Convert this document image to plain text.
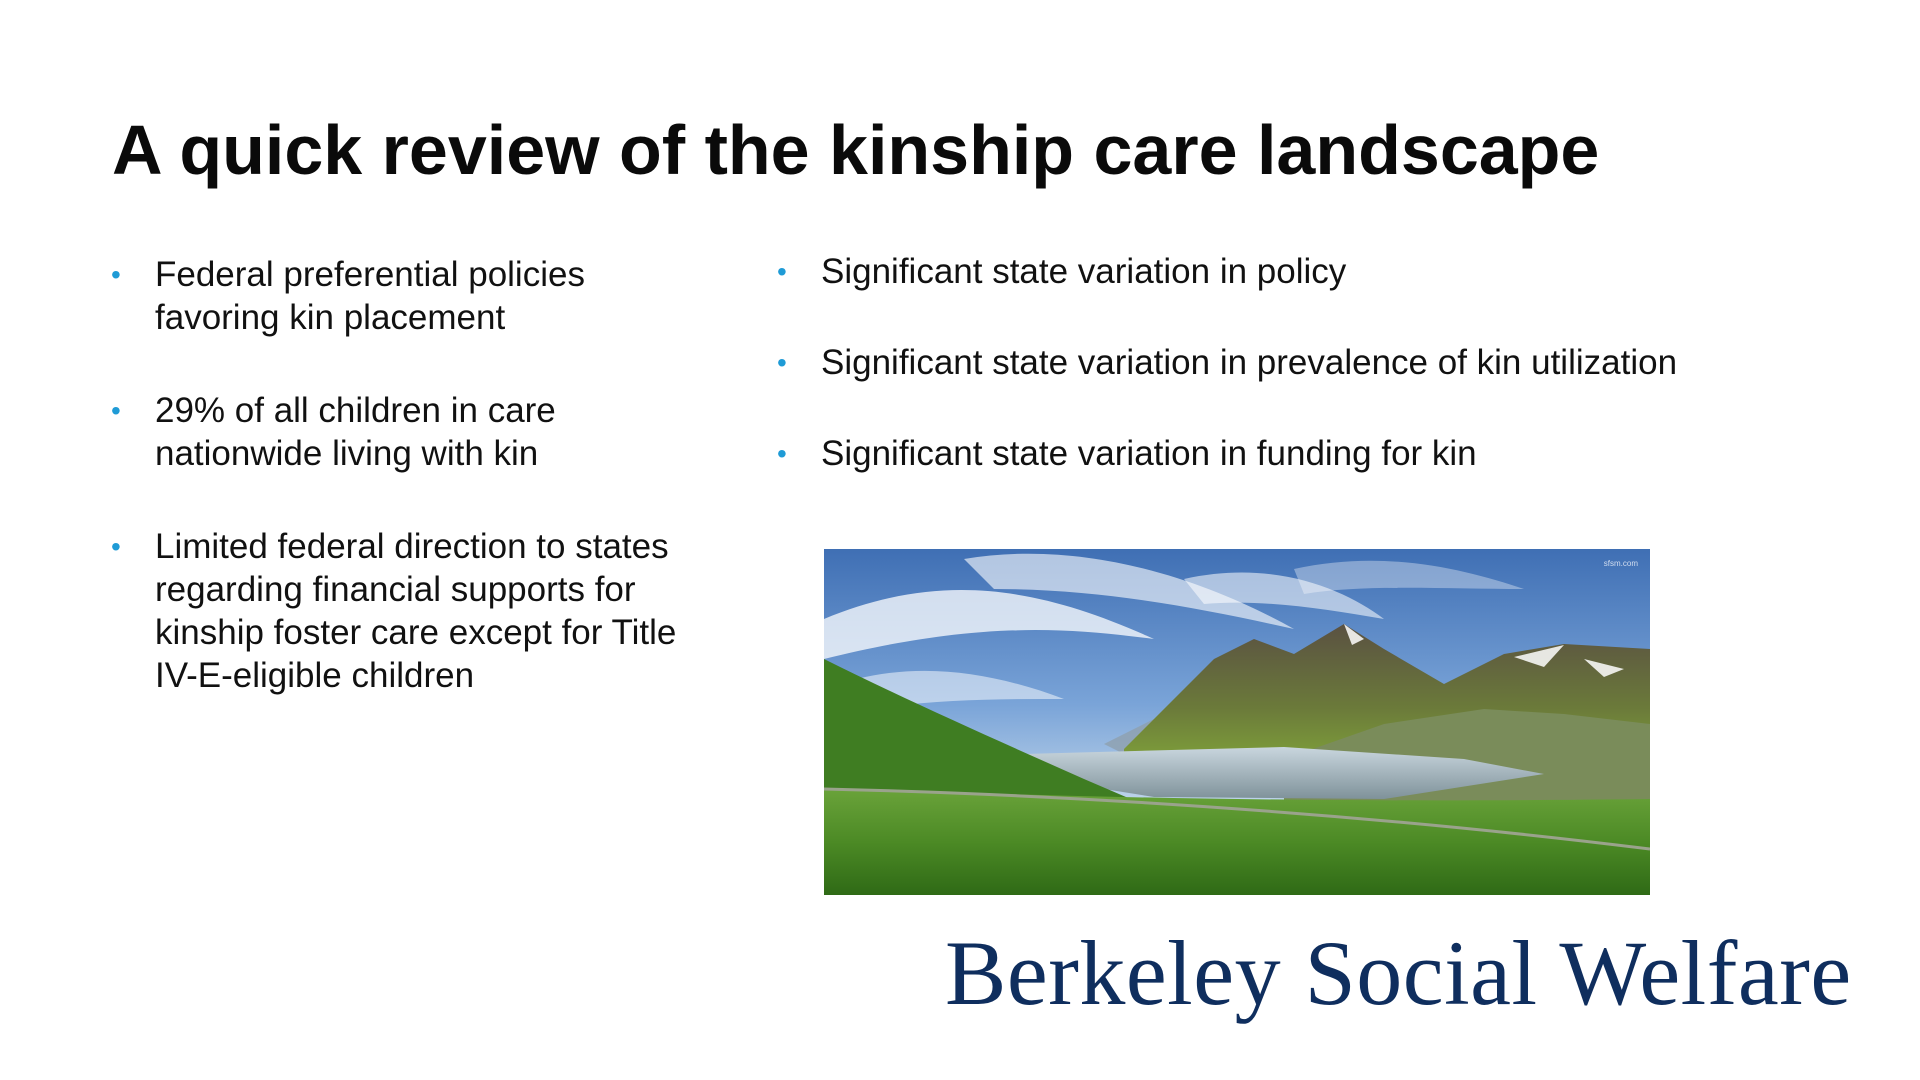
A quick review of the kinship care landscape
• Federal preferential policies favoring kin placement
• 29% of all children in care nationwide living with kin
• Limited federal direction to states regarding financial supports for kinship foster care except for Title IV-E-eligible children
• Significant state variation in policy
• Significant state variation in prevalence of kin utilization
• Significant state variation in funding for kin
sfsm.com
Berkeley Social Welfare
